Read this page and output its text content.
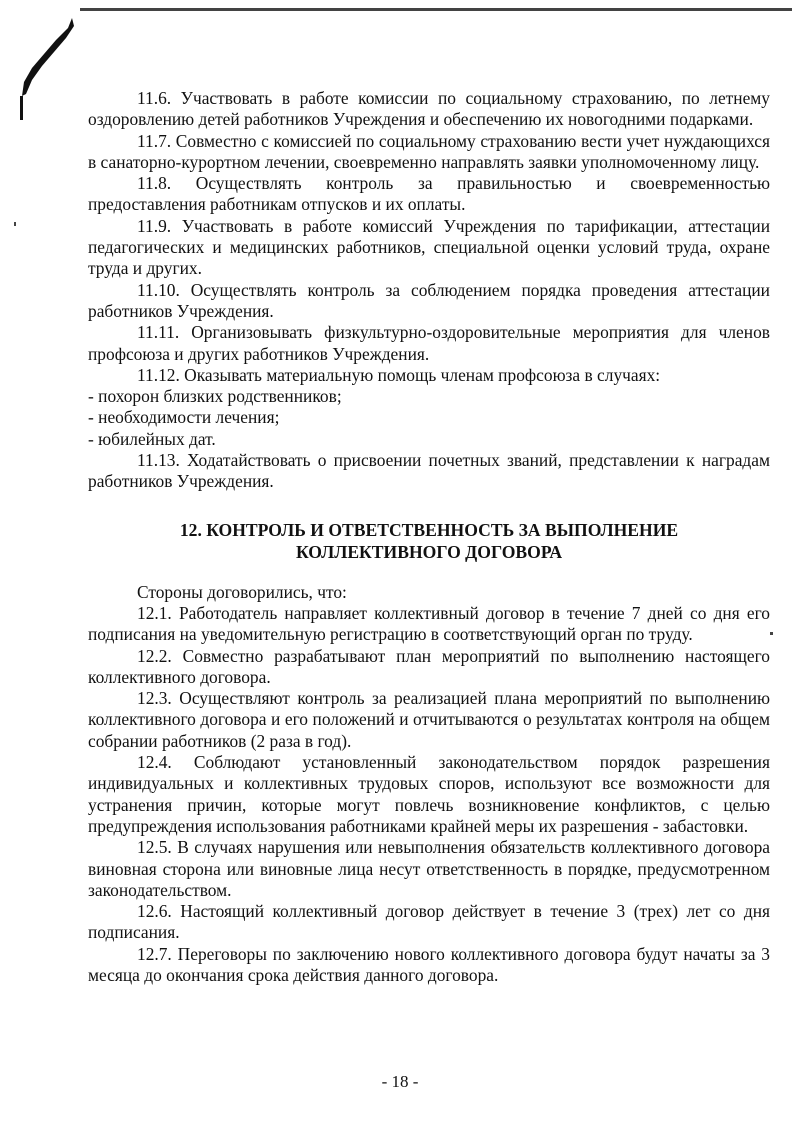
11.6. Участвовать в работе комиссии по социальному страхованию, по летнему оздоровлению детей работников Учреждения и обеспечению их новогодними подарками.

11.7. Совместно с комиссией по социальному страхованию вести учет нуждающихся в санаторно-курортном лечении, своевременно направлять заявки уполномоченному лицу.

11.8. Осуществлять контроль за правильностью и своевременностью предоставления работникам отпусков и их оплаты.

11.9. Участвовать в работе комиссий Учреждения по тарификации, аттестации педагогических и медицинских работников, специальной оценки условий труда, охране труда и других.

11.10. Осуществлять контроль за соблюдением порядка проведения аттестации работников Учреждения.

11.11. Организовывать физкультурно-оздоровительные мероприятия для членов профсоюза и других работников Учреждения.

11.12. Оказывать материальную помощь членам профсоюза в случаях:

- похорон близких родственников;

- необходимости лечения;

- юбилейных дат.

11.13. Ходатайствовать о присвоении почетных званий, представлении к наградам работников Учреждения.

12. КОНТРОЛЬ И ОТВЕТСТВЕННОСТЬ ЗА ВЫПОЛНЕНИЕ
КОЛЛЕКТИВНОГО ДОГОВОРА

Стороны договорились, что:

12.1. Работодатель направляет коллективный договор в течение 7 дней со дня его подписания на уведомительную регистрацию в соответствующий орган по труду.

12.2. Совместно разрабатывают план мероприятий по выполнению настоящего коллективного договора.

12.3. Осуществляют контроль за реализацией плана мероприятий по выполнению коллективного договора и его положений и отчитываются о результатах контроля на общем собрании работников (2 раза в год).

12.4. Соблюдают установленный законодательством порядок разрешения индивидуальных и коллективных трудовых споров, используют все возможности для устранения причин, которые могут повлечь возникновение конфликтов, с целью предупреждения использования работниками крайней меры их разрешения - забастовки.

12.5. В случаях нарушения или невыполнения обязательств коллективного договора виновная сторона или виновные лица несут ответственность в порядке, предусмотренном законодательством.

12.6. Настоящий коллективный договор действует в течение 3 (трех) лет со дня подписания.

12.7. Переговоры по заключению нового коллективного договора будут начаты за 3 месяца до окончания срока действия данного договора.

- 18 -
